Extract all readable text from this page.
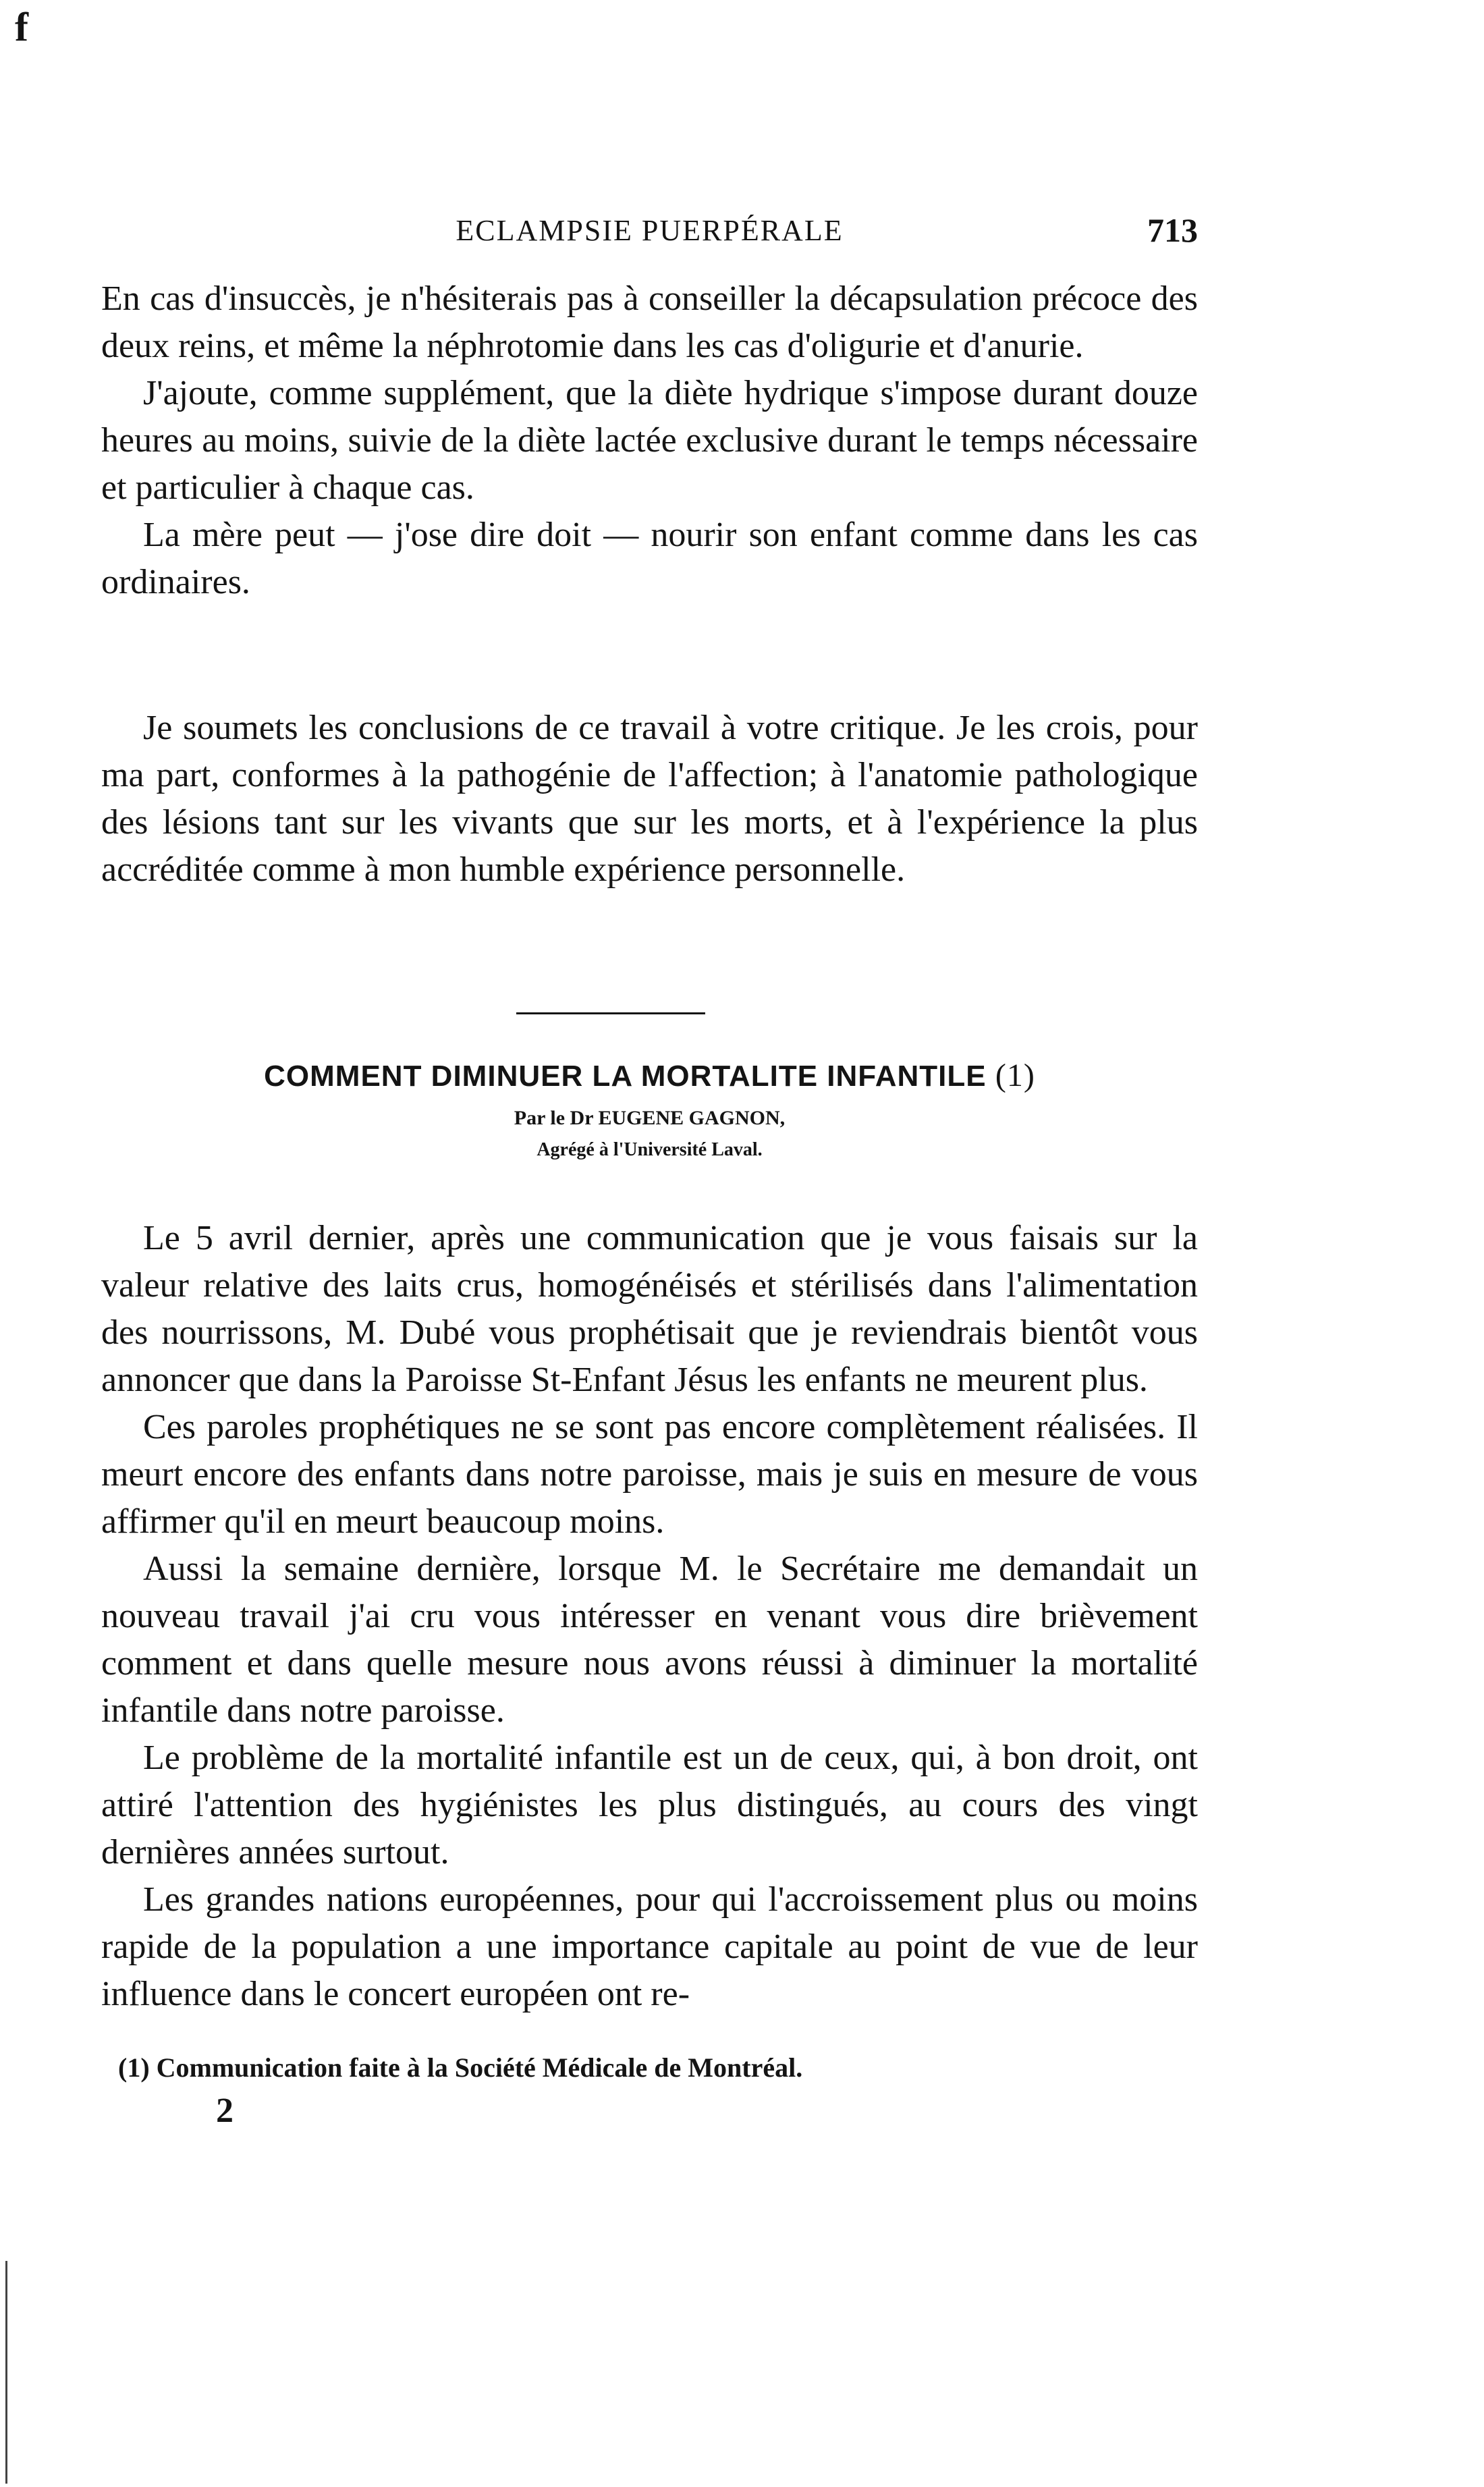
f
ECLAMPSIE PUERPÉRALE	713

En cas d'insuccès, je n'hésiterais pas à conseiller la décapsulation précoce des deux reins, et même la néphrotomie dans les cas d'oligurie et d'anurie.

J'ajoute, comme supplément, que la diète hydrique s'impose durant douze heures au moins, suivie de la diète lactée exclusive durant le temps nécessaire et particulier à chaque cas.

La mère peut — j'ose dire doit — nourir son enfant comme dans les cas ordinaires.

Je soumets les conclusions de ce travail à votre critique. Je les crois, pour ma part, conformes à la pathogénie de l'affection; à l'anatomie pathologique des lésions tant sur les vivants que sur les morts, et à l'expérience la plus accréditée comme à mon humble expérience personnelle.

COMMENT DIMINUER LA MORTALITE INFANTILE (1)
Par le Dr EUGENE GAGNON,
Agrégé à l'Université Laval.

Le 5 avril dernier, après une communication que je vous faisais sur la valeur relative des laits crus, homogénéisés et stérilisés dans l'alimentation des nourrissons, M. Dubé vous prophétisait que je reviendrais bientôt vous annoncer que dans la Paroisse St-Enfant Jésus les enfants ne meurent plus.

Ces paroles prophétiques ne se sont pas encore complètement réalisées. Il meurt encore des enfants dans notre paroisse, mais je suis en mesure de vous affirmer qu'il en meurt beaucoup moins.

Aussi la semaine dernière, lorsque M. le Secrétaire me demandait un nouveau travail j'ai cru vous intéresser en venant vous dire brièvement comment et dans quelle mesure nous avons réussi à diminuer la mortalité infantile dans notre paroisse.

Le problème de la mortalité infantile est un de ceux, qui, à bon droit, ont attiré l'attention des hygiénistes les plus distingués, au cours des vingt dernières années surtout.

Les grandes nations européennes, pour qui l'accroissement plus ou moins rapide de la population a une importance capitale au point de vue de leur influence dans le concert européen ont re-

(1) Communication faite à la Société Médicale de Montréal.
2
